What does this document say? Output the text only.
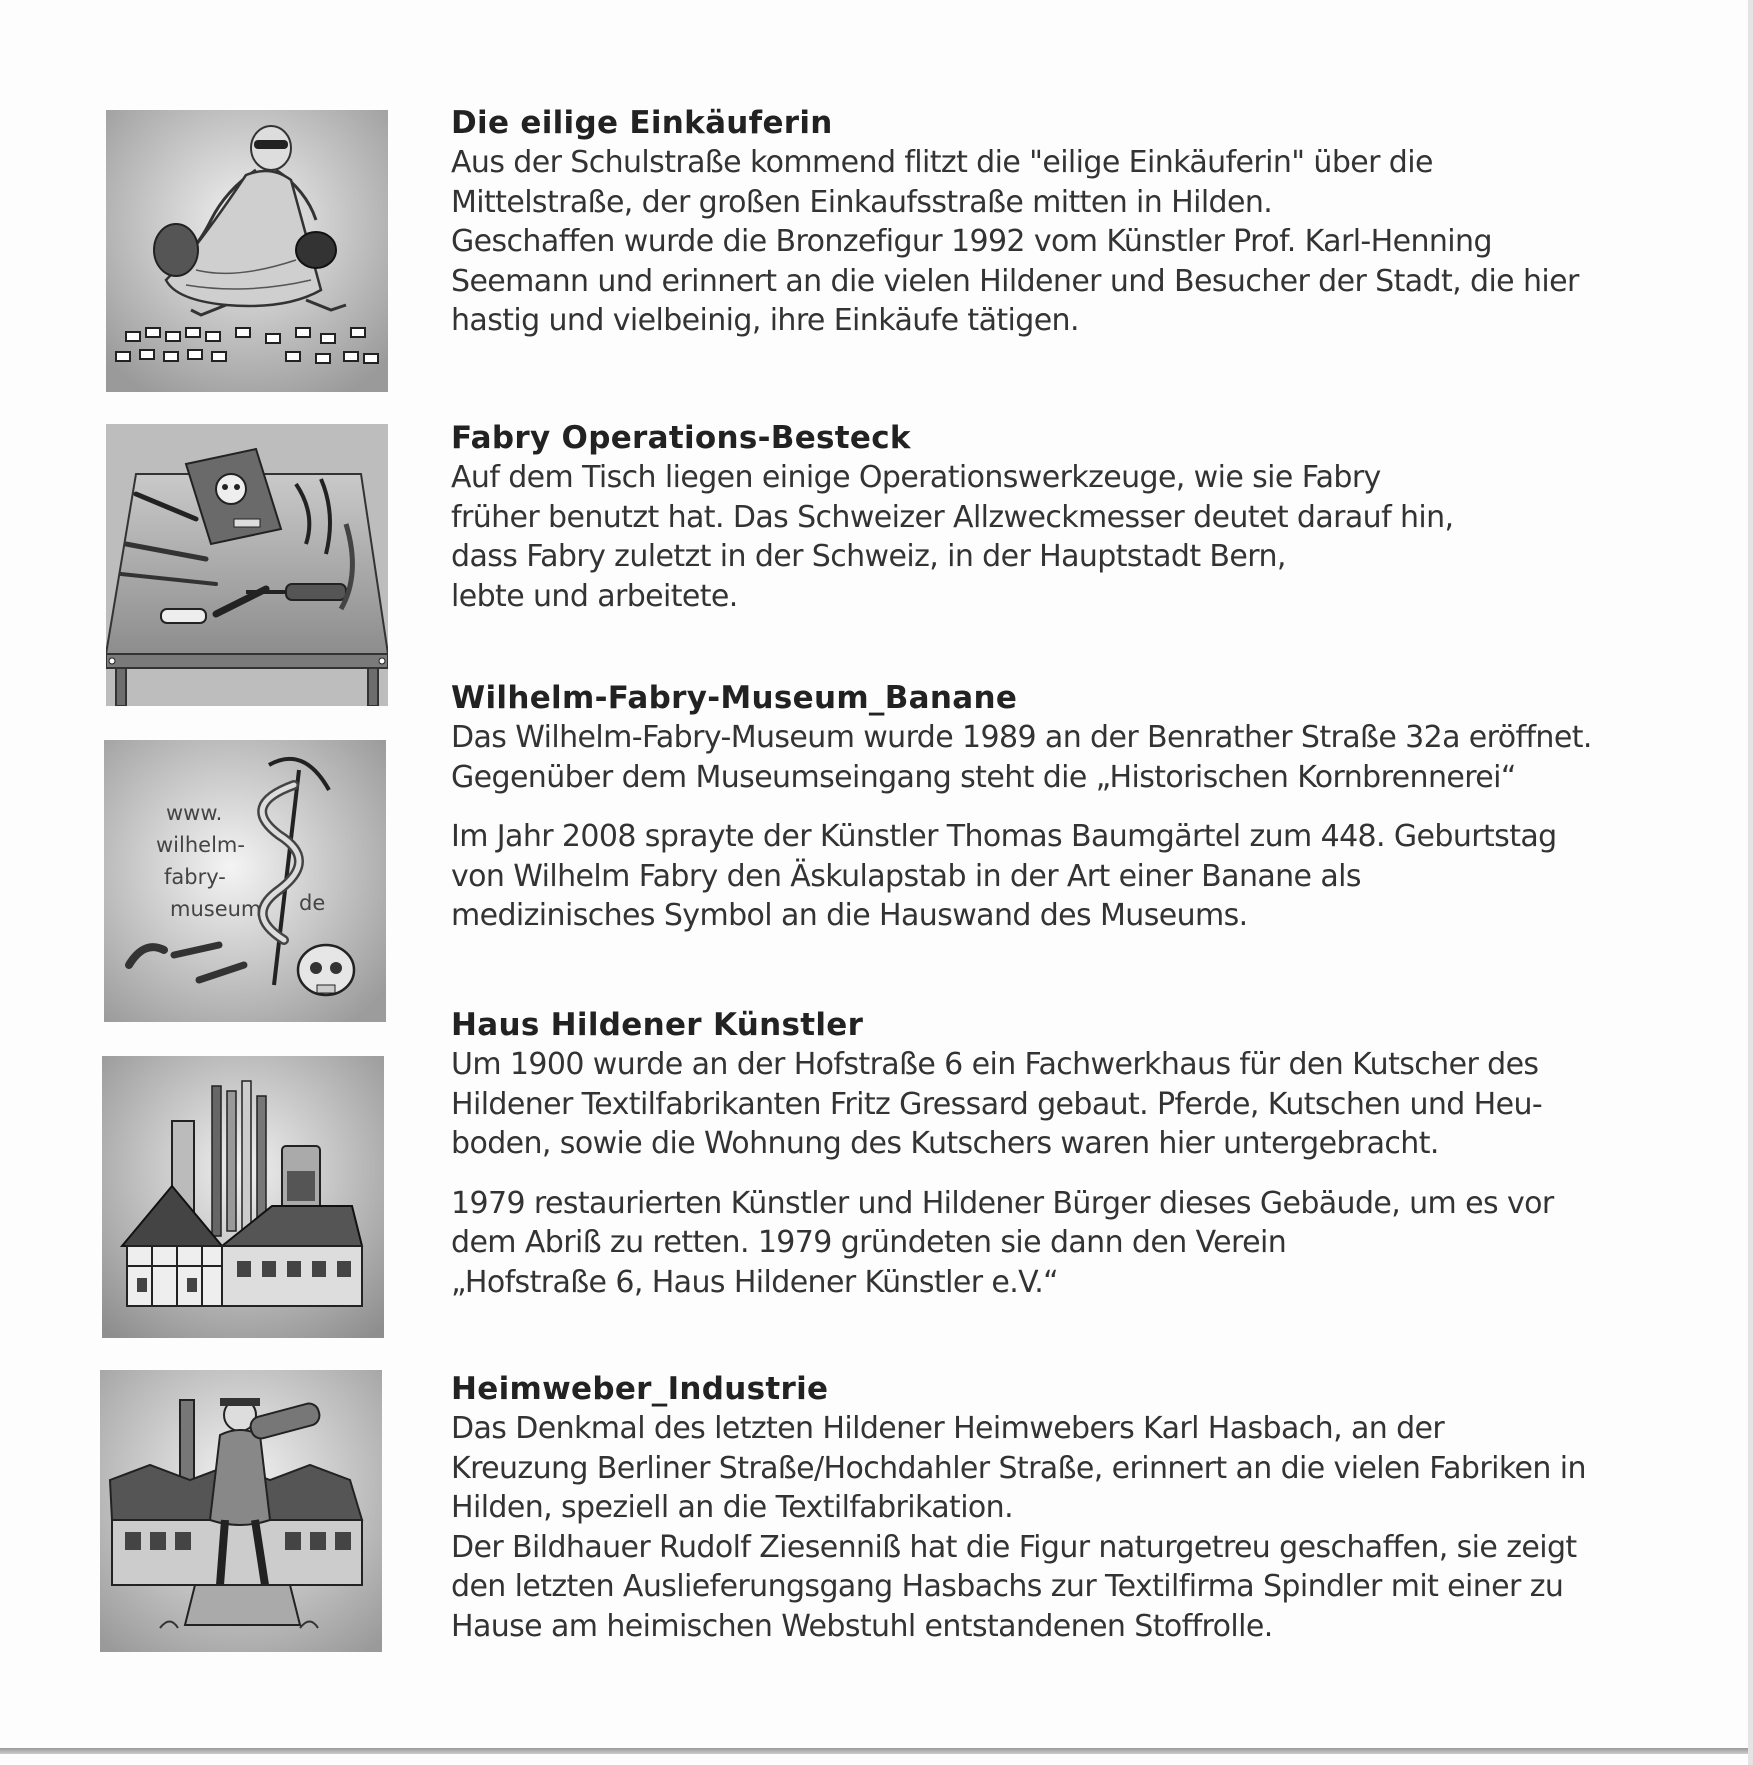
Die eilige Einkäuferin
Aus der Schulstraße kommend flitzt die "eilige Einkäuferin" über die
Mittelstraße, der großen Einkaufsstraße mitten in Hilden.
Geschaffen wurde die Bronzefigur 1992 vom Künstler Prof. Karl-Henning
Seemann und erinnert an die vielen Hildener und Besucher der Stadt, die hier
hastig und vielbeinig, ihre Einkäufe tätigen.
Fabry Operations-Besteck
Auf dem Tisch liegen einige Operationswerkzeuge, wie sie Fabry
früher benutzt hat. Das Schweizer Allzweckmesser deutet darauf hin,
dass Fabry zuletzt in der Schweiz, in der Hauptstadt Bern,
lebte und arbeitete.
www.
wilhelm-
fabry-
museum de
Wilhelm-Fabry-Museum_Banane
Das Wilhelm-Fabry-Museum wurde 1989 an der Benrather Straße 32a eröffnet.
Gegenüber dem Museumseingang steht die „Historischen Kornbrennerei“
Im Jahr 2008 sprayte der Künstler Thomas Baumgärtel zum 448. Geburtstag
von Wilhelm Fabry den Äskulapstab in der Art einer Banane als
medizinisches Symbol an die Hauswand des Museums.
Haus Hildener Künstler
Um 1900 wurde an der Hofstraße 6 ein Fachwerkhaus für den Kutscher des
Hildener Textilfabrikanten Fritz Gressard gebaut. Pferde, Kutschen und Heu-
boden, sowie die Wohnung des Kutschers waren hier untergebracht.
1979 restaurierten Künstler und Hildener Bürger dieses Gebäude, um es vor
dem Abriß zu retten. 1979 gründeten sie dann den Verein
„Hofstraße 6, Haus Hildener Künstler e.V.“
Heimweber_Industrie
Das Denkmal des letzten Hildener Heimwebers Karl Hasbach, an der
Kreuzung Berliner Straße/Hochdahler Straße, erinnert an die vielen Fabriken in
Hilden, speziell an die Textilfabrikation.
Der Bildhauer Rudolf Ziesenniß hat die Figur naturgetreu geschaffen, sie zeigt
den letzten Auslieferungsgang Hasbachs zur Textilfirma Spindler mit einer zu
Hause am heimischen Webstuhl entstandenen Stoffrolle.
